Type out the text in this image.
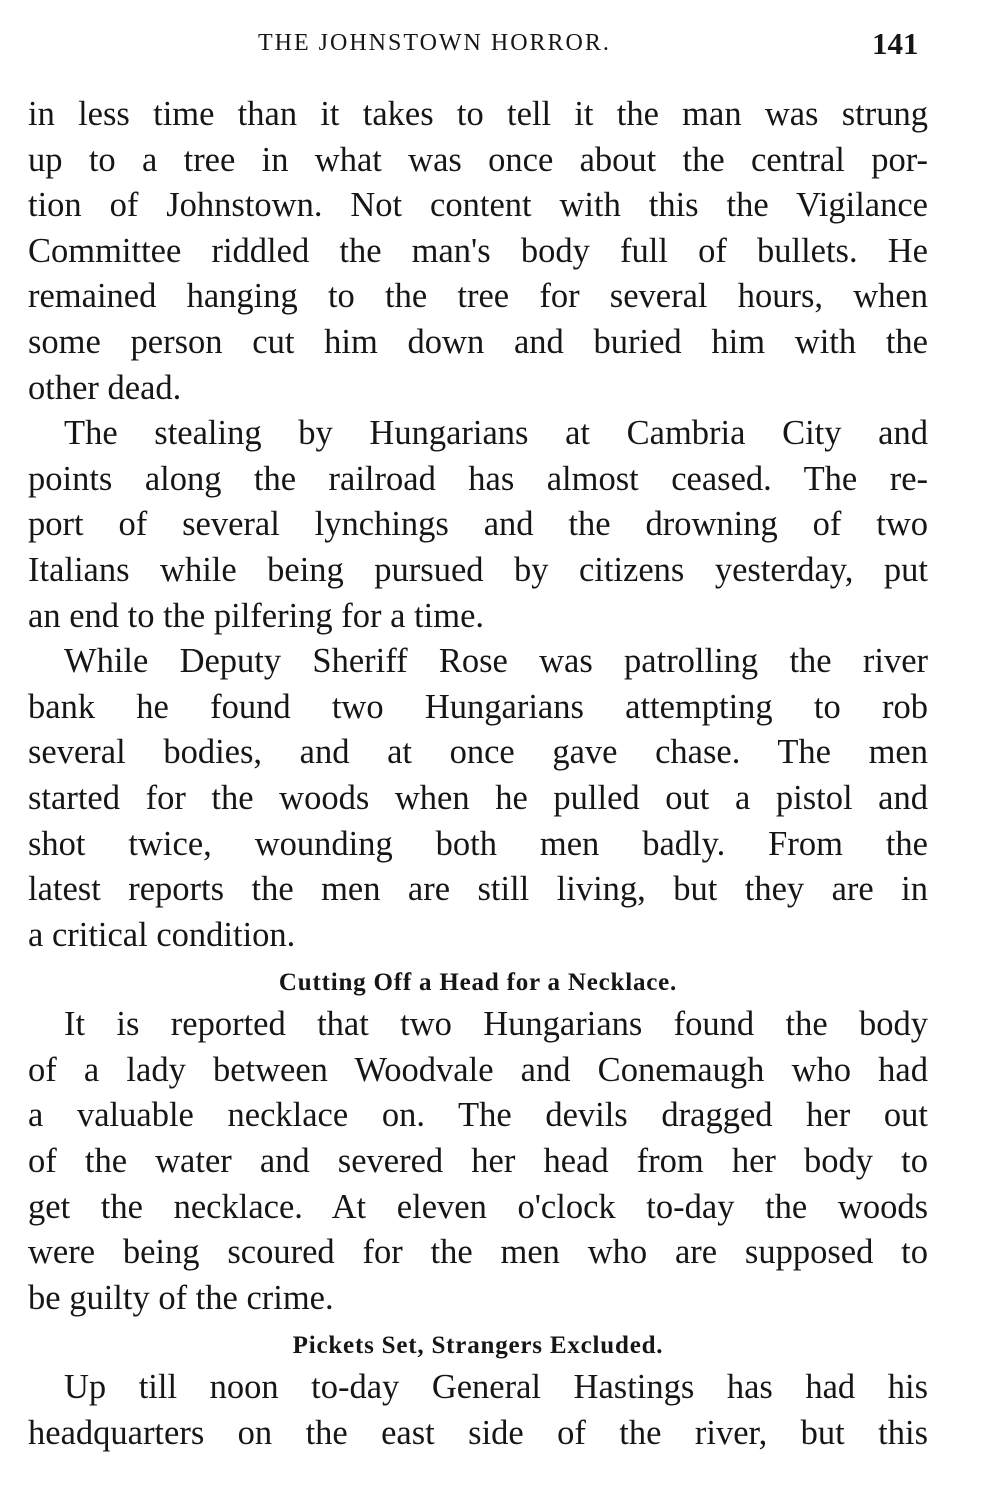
THE JOHNSTOWN HORROR.	141
in less time than it takes to tell it the man was strung
up to a tree in what was once about the central por-
tion of Johnstown. Not content with this the Vigilance
Committee riddled the man's body full of bullets. He
remained hanging to the tree for several hours, when
some person cut him down and buried him with the
other dead.
The stealing by Hungarians at Cambria City and
points along the railroad has almost ceased. The re-
port of several lynchings and the drowning of two
Italians while being pursued by citizens yesterday, put
an end to the pilfering for a time.
While Deputy Sheriff Rose was patrolling the river
bank he found two Hungarians attempting to rob
several bodies, and at once gave chase. The men
started for the woods when he pulled out a pistol and
shot twice, wounding both men badly. From the
latest reports the men are still living, but they are in
a critical condition.
Cutting Off a Head for a Necklace.
It is reported that two Hungarians found the body
of a lady between Woodvale and Conemaugh who had
a valuable necklace on. The devils dragged her out
of the water and severed her head from her body to
get the necklace. At eleven o'clock to-day the woods
were being scoured for the men who are supposed to
be guilty of the crime.
Pickets Set, Strangers Excluded.
Up till noon to-day General Hastings has had his
headquarters on the east side of the river, but this
